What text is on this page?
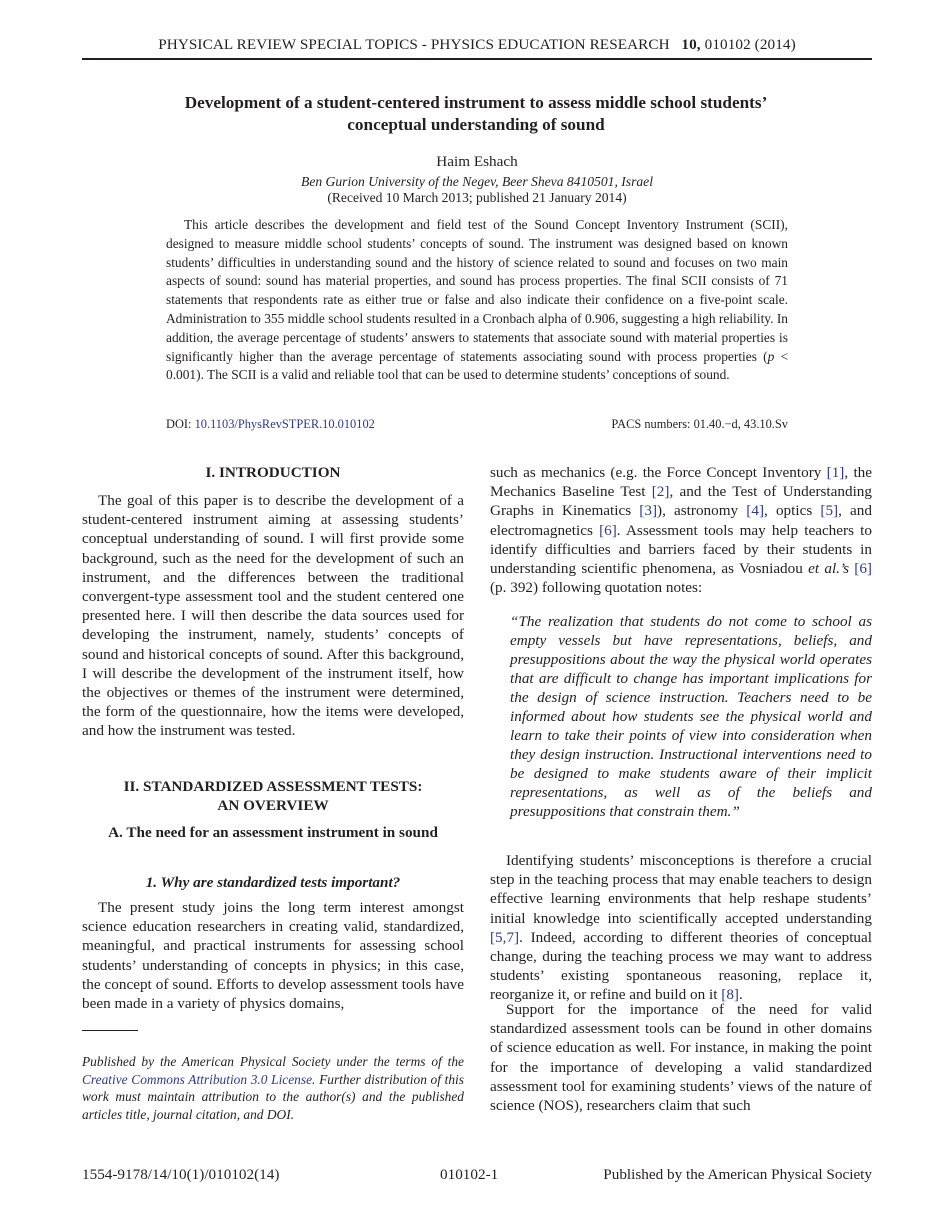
PHYSICAL REVIEW SPECIAL TOPICS - PHYSICS EDUCATION RESEARCH 10, 010102 (2014)
Development of a student-centered instrument to assess middle school students’
conceptual understanding of sound
Haim Eshach
Ben Gurion University of the Negev, Beer Sheva 8410501, Israel
(Received 10 March 2013; published 21 January 2014)
This article describes the development and field test of the Sound Concept Inventory Instrument (SCII), designed to measure middle school students’ concepts of sound. The instrument was designed based on known students’ difficulties in understanding sound and the history of science related to sound and focuses on two main aspects of sound: sound has material properties, and sound has process properties. The final SCII consists of 71 statements that respondents rate as either true or false and also indicate their confidence on a five-point scale. Administration to 355 middle school students resulted in a Cronbach alpha of 0.906, suggesting a high reliability. In addition, the average percentage of students’ answers to statements that associate sound with material properties is significantly higher than the average percentage of statements associating sound with process properties (p < 0.001). The SCII is a valid and reliable tool that can be used to determine students’ conceptions of sound.
DOI: 10.1103/PhysRevSTPER.10.010102	PACS numbers: 01.40.−d, 43.10.Sv
I. INTRODUCTION

The goal of this paper is to describe the development of a student-centered instrument aiming at assessing students’ conceptual understanding of sound. I will first provide some background, such as the need for the development of such an instrument, and the differences between the traditional convergent-type assessment tool and the student centered one presented here. I will then describe the data sources used for developing the instrument, namely, students’ concepts of sound and historical concepts of sound. After this background, I will describe the development of the instrument itself, how the objectives or themes of the instrument were determined, the form of the questionnaire, how the items were developed, and how the instrument was tested.

II. STANDARDIZED ASSESSMENT TESTS:
AN OVERVIEW
A. The need for an assessment instrument in sound
1. Why are standardized tests important?

The present study joins the long term interest amongst science education researchers in creating valid, standardized, meaningful, and practical instruments for assessing school students’ understanding of concepts in physics; in this case, the concept of sound. Efforts to develop assessment tools have been made in a variety of physics domains,

Published by the American Physical Society under the terms of the Creative Commons Attribution 3.0 License. Further distribution of this work must maintain attribution to the author(s) and the published articles title, journal citation, and DOI.

such as mechanics (e.g. the Force Concept Inventory [1], the Mechanics Baseline Test [2], and the Test of Understanding Graphs in Kinematics [3]), astronomy [4], optics [5], and electromagnetics [6]. Assessment tools may help teachers to identify difficulties and barriers faced by their students in understanding scientific phenomena, as Vosniadou et al.’s [6] (p. 392) following quotation notes:

“The realization that students do not come to school as empty vessels but have representations, beliefs, and presuppositions about the way the physical world operates that are difficult to change has important implications for the design of science instruction. Teachers need to be informed about how students see the physical world and learn to take their points of view into consideration when they design instruction. Instructional interventions need to be designed to make students aware of their implicit representations, as well as of the beliefs and presuppositions that constrain them.”

Identifying students’ misconceptions is therefore a crucial step in the teaching process that may enable teachers to design effective learning environments that help reshape students’ initial knowledge into scientifically accepted understanding [5,7]. Indeed, according to different theories of conceptual change, during the teaching process we may want to address students’ existing spontaneous reasoning, replace it, reorganize it, or refine and build on it [8].

Support for the importance of the need for valid standardized assessment tools can be found in other domains of science education as well. For instance, in making the point for the importance of developing a valid standardized assessment tool for examining students’ views of the nature of science (NOS), researchers claim that such

1554-9178/14/10(1)/010102(14)	010102-1	Published by the American Physical Society
